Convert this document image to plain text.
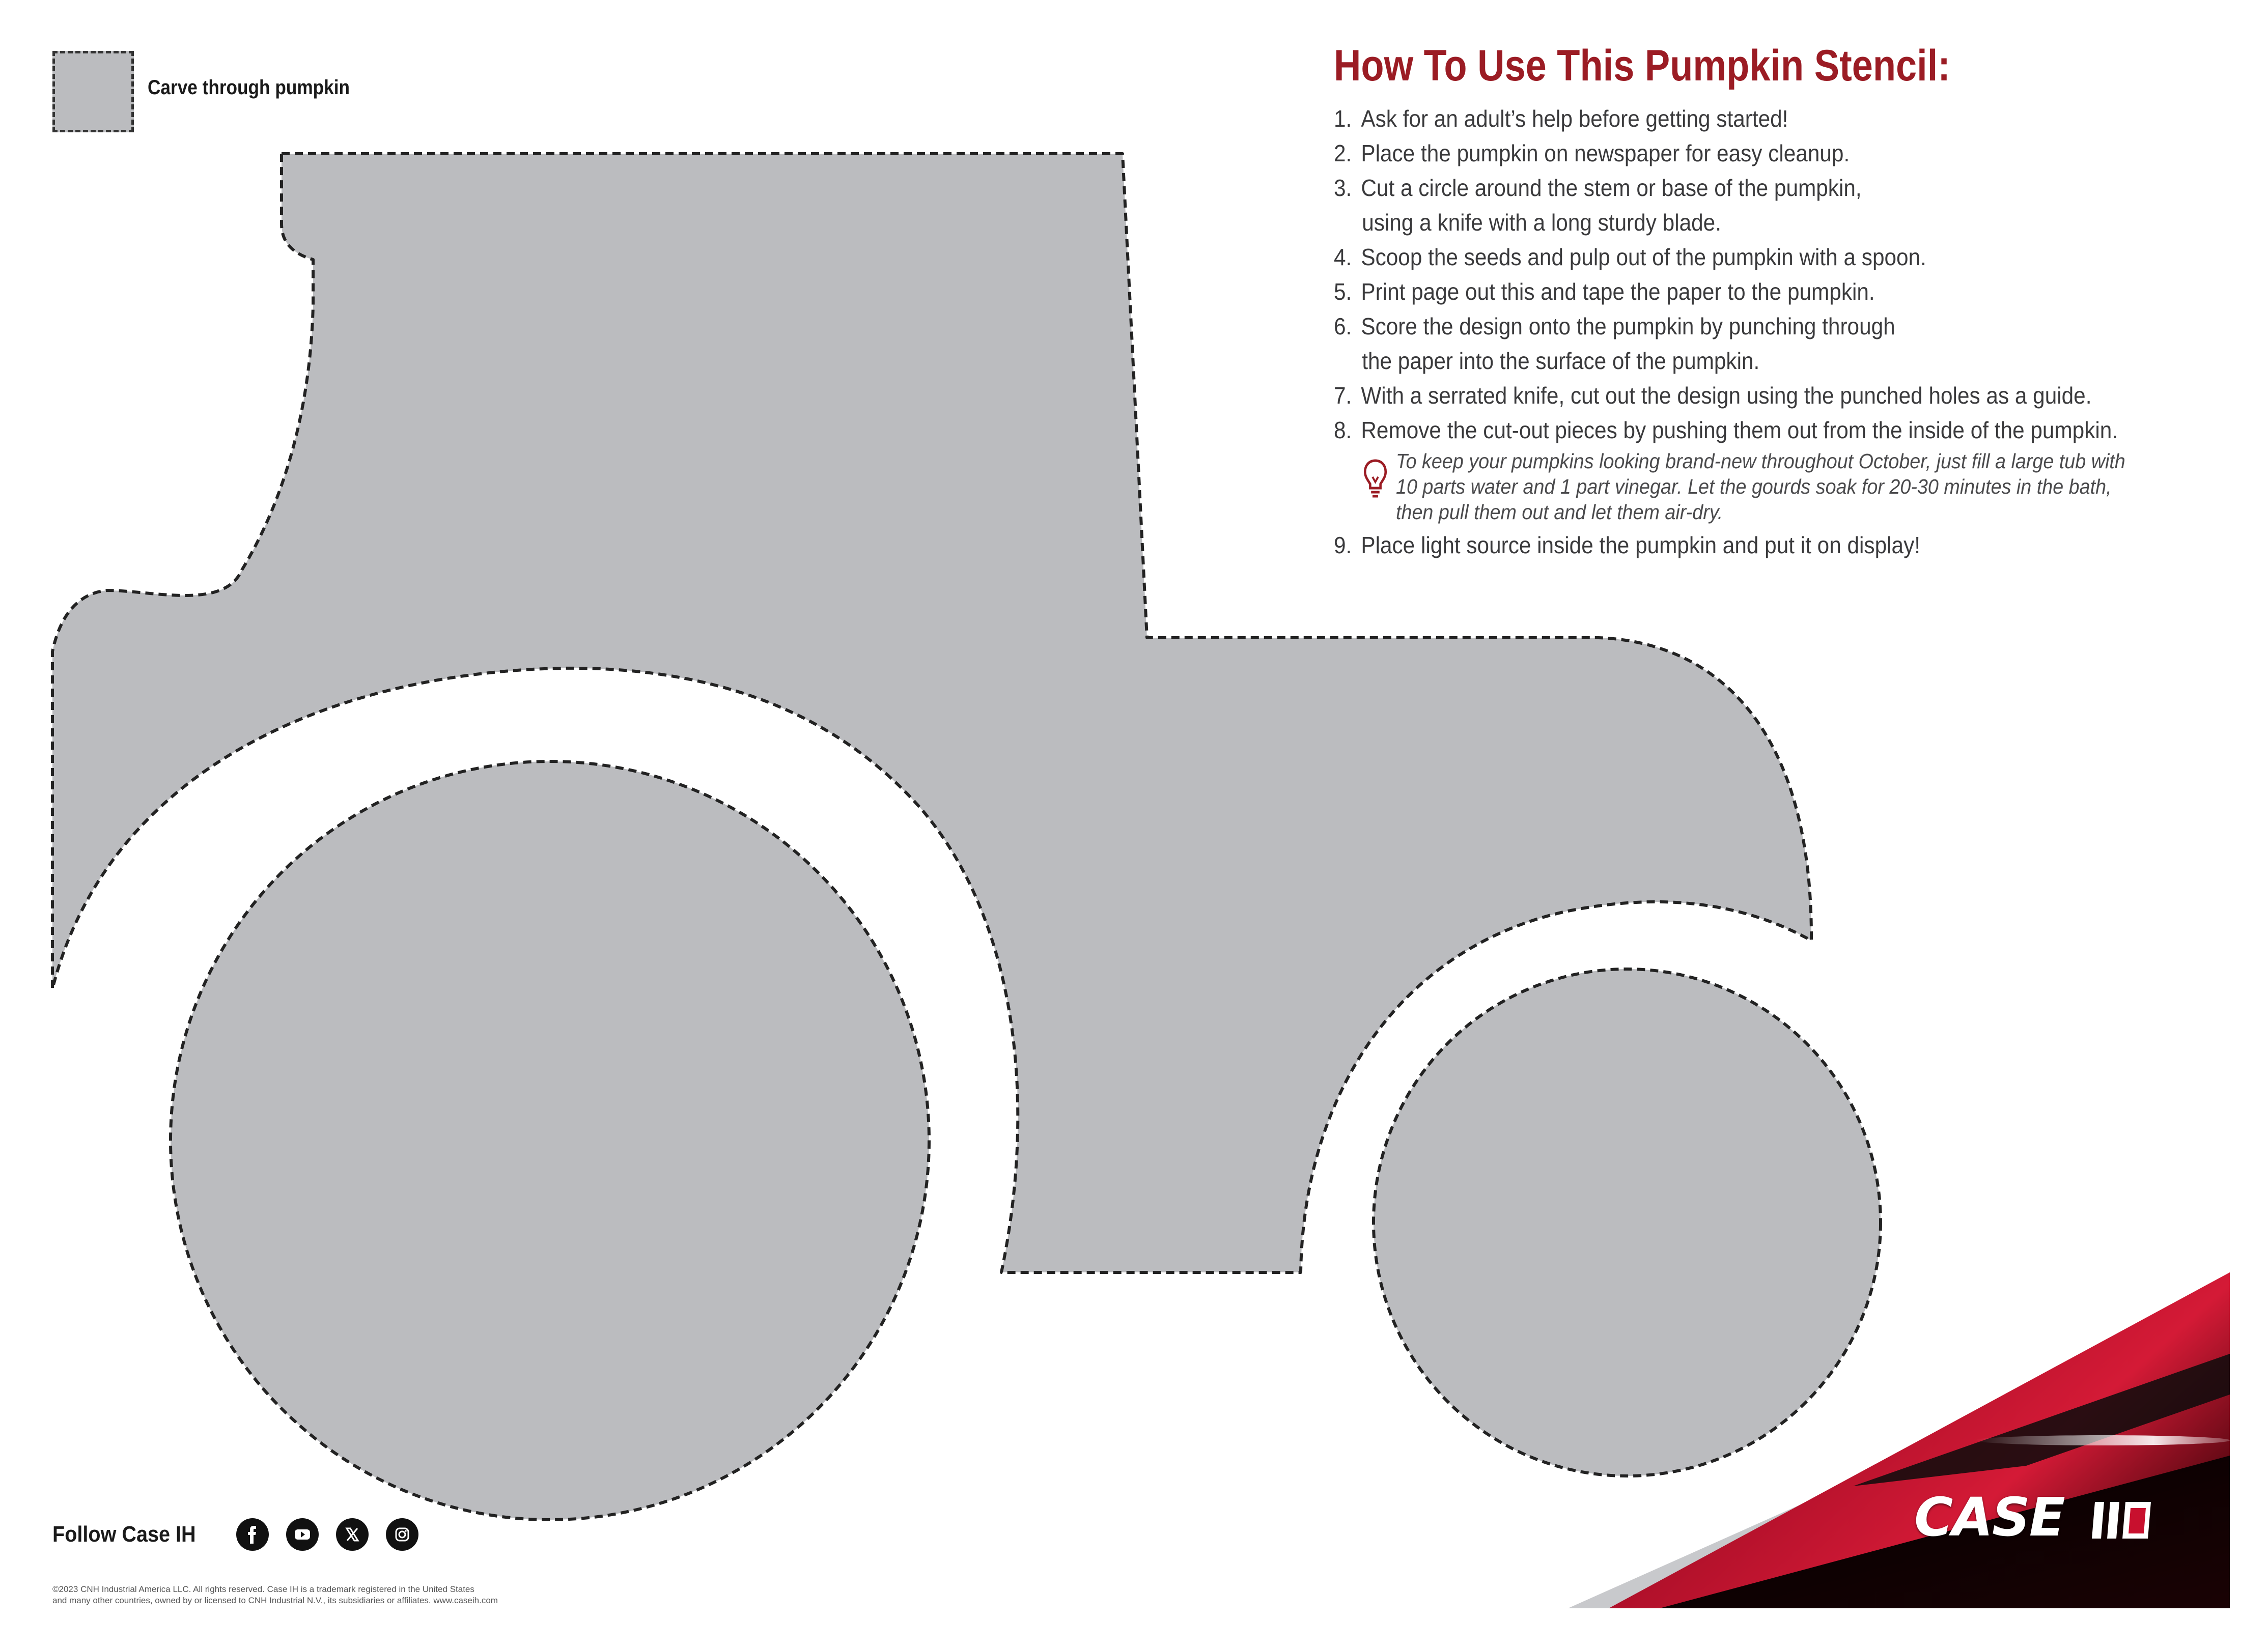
Carve through pumpkin	How To Use This Pumpkin Stencil:
1. Ask for an adult’s help before getting started!
2. Place the pumpkin on newspaper for easy cleanup.
3. Cut a circle around the stem or base of the pumpkin,
using a knife with a long sturdy blade.
4. Scoop the seeds and pulp out of the pumpkin with a spoon.
5. Print page out this and tape the paper to the pumpkin.
6. Score the design onto the pumpkin by punching through
the paper into the surface of the pumpkin.
7. With a serrated knife, cut out the design using the punched holes as a guide.
8. Remove the cut-out pieces by pushing them out from the inside of the pumpkin.
To keep your pumpkins looking brand-new throughout October, just fill a large tub with
10 parts water and 1 part vinegar. Let the gourds soak for 20-30 minutes in the bath,
then pull them out and let them air-dry.
9. Place light source inside the pumpkin and put it on display!
Follow Case IH
©2023 CNH Industrial America LLC. All rights reserved. Case IH is a trademark registered in the United States
and many other countries, owned by or licensed to CNH Industrial N.V., its subsidiaries or affiliates. www.caseih.com
CASE
